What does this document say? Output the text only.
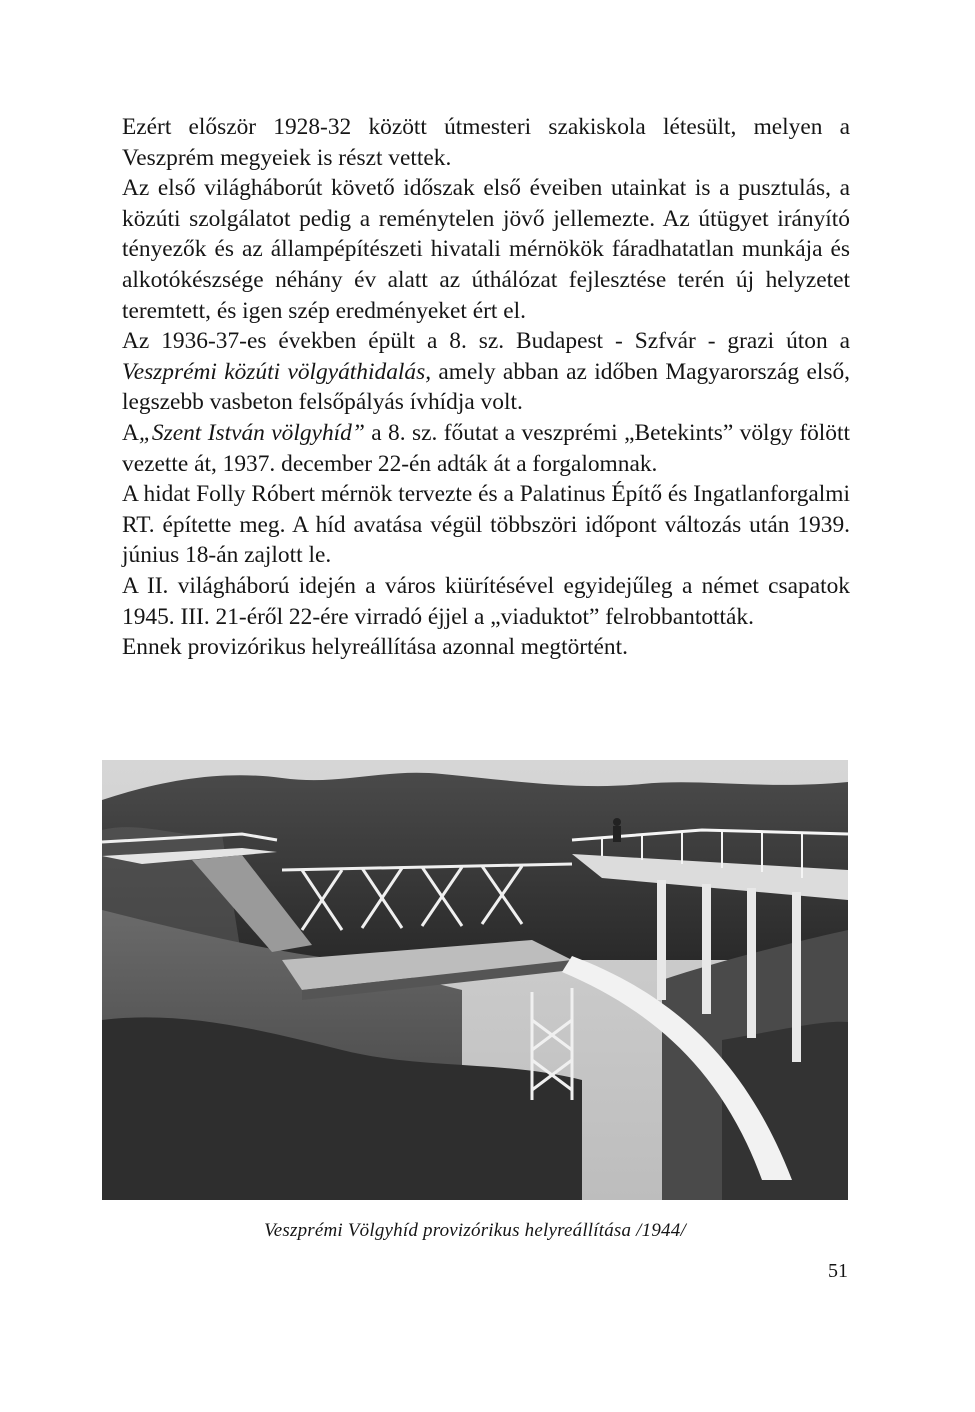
Ezért először 1928-32 között útmesteri szakiskola létesült, melyen a Veszprém megyeiek is részt vettek.

Az első világháborút követő időszak első éveiben utainkat is a pusztulás, a közúti szolgálatot pedig a reménytelen jövő jellemezte. Az útügyet irányító tényezők és az állampépítészeti hivatali mérnökök fáradhatatlan munkája és alkotókészsége néhány év alatt az úthálózat fejlesztése terén új helyzetet teremtett, és igen szép eredményeket ért el.

Az 1936-37-es években épült a 8. sz. Budapest - Szfvár - grazi úton a Veszprémi közúti völgyáthidalás, amely abban az időben Magyarország első, legszebb vasbeton felsőpályás ívhídja volt.

A„Szent István völgyhíd” a 8. sz. főutat a veszprémi „Betekints” völgy fölött vezette át, 1937. december 22-én adták át a forgalomnak.

A hidat Folly Róbert mérnök tervezte és a Palatinus Építő és Ingatlanforgalmi RT. építette meg. A híd avatása végül többszöri időpont változás után 1939. június 18-án zajlott le.

A II. világháború idején a város kiürítésével egyidejűleg a német csapatok 1945. III. 21-éről 22-ére virradó éjjel a „viaduktot” felrobbantották.

Ennek provizórikus helyreállítása azonnal megtörtént.

Veszprémi Völgyhíd provizórikus helyreállítása /1944/
51
